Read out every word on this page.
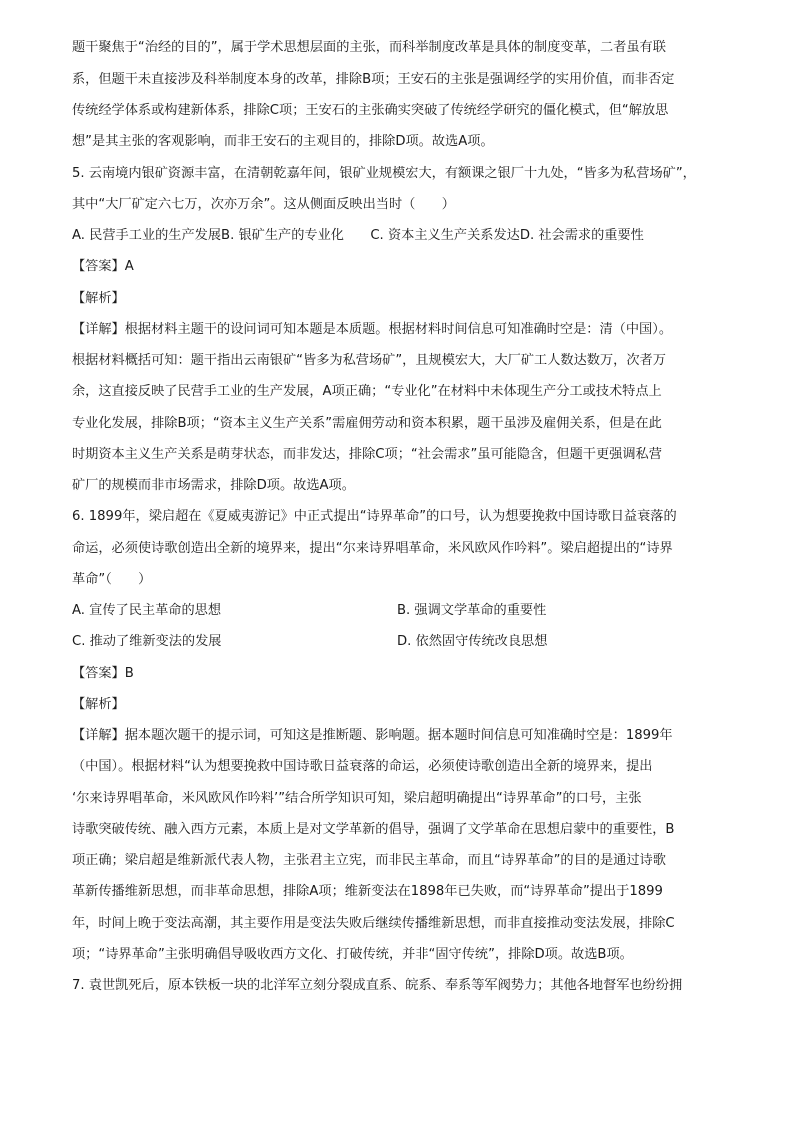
题干聚焦于“治经的目的”，属于学术思想层面的主张，而科举制度改革是具体的制度变革，二者虽有联
系，但题干未直接涉及科举制度本身的改革，排除B项；王安石的主张是强调经学的实用价值，而非否定
传统经学体系或构建新体系，排除C项；王安石的主张确实突破了传统经学研究的僵化模式，但“解放思
想”是其主张的客观影响，而非王安石的主观目的，排除D项。故选A项。
5. 云南境内银矿资源丰富，在清朝乾嘉年间，银矿业规模宏大，有额课之银厂十九处，“皆多为私营场矿”，
其中“大厂矿定六七万，次亦万余”。这从侧面反映出当时（　　）
A. 民营手工业的生产发展B. 银矿生产的专业化　　C. 资本主义生产关系发达D. 社会需求的重要性
【答案】A
【解析】
【详解】根据材料主题干的设问词可知本题是本质题。根据材料时间信息可知准确时空是：清（中国）。
根据材料概括可知：题干指出云南银矿“皆多为私营场矿”，且规模宏大，大厂矿工人数达数万，次者万
余，这直接反映了民营手工业的生产发展，A项正确；“专业化”在材料中未体现生产分工或技术特点上
专业化发展，排除B项；“资本主义生产关系”需雇佣劳动和资本积累，题干虽涉及雇佣关系，但是在此
时期资本主义生产关系是萌芽状态，而非发达，排除C项；“社会需求”虽可能隐含，但题干更强调私营
矿厂的规模而非市场需求，排除D项。故选A项。
6. 1899年，梁启超在《夏威夷游记》中正式提出“诗界革命”的口号，认为想要挽救中国诗歌日益衰落的
命运，必须使诗歌创造出全新的境界来，提出“尔来诗界唱革命，米风欧风作吟料”。梁启超提出的“诗界
革命”（　　）
A. 宣传了民主革命的思想	B. 强调文学革命的重要性
C. 推动了维新变法的发展	D. 依然固守传统改良思想
【答案】B
【解析】
【详解】据本题次题干的提示词，可知这是推断题、影响题。据本题时间信息可知准确时空是：1899年
（中国）。根据材料“认为想要挽救中国诗歌日益衰落的命运，必须使诗歌创造出全新的境界来，提出
‘尔来诗界唱革命，米风欧风作吟料’”结合所学知识可知，梁启超明确提出“诗界革命”的口号，主张
诗歌突破传统、融入西方元素，本质上是对文学革新的倡导，强调了文学革命在思想启蒙中的重要性，B
项正确；梁启超是维新派代表人物，主张君主立宪，而非民主革命，而且“诗界革命”的目的是通过诗歌
革新传播维新思想，而非革命思想，排除A项；维新变法在1898年已失败，而“诗界革命”提出于1899
年，时间上晚于变法高潮，其主要作用是变法失败后继续传播维新思想，而非直接推动变法发展，排除C
项；“诗界革命”主张明确倡导吸收西方文化、打破传统，并非“固守传统”，排除D项。故选B项。
7. 袁世凯死后，原本铁板一块的北洋军立刻分裂成直系、皖系、奉系等军阀势力；其他各地督军也纷纷拥
